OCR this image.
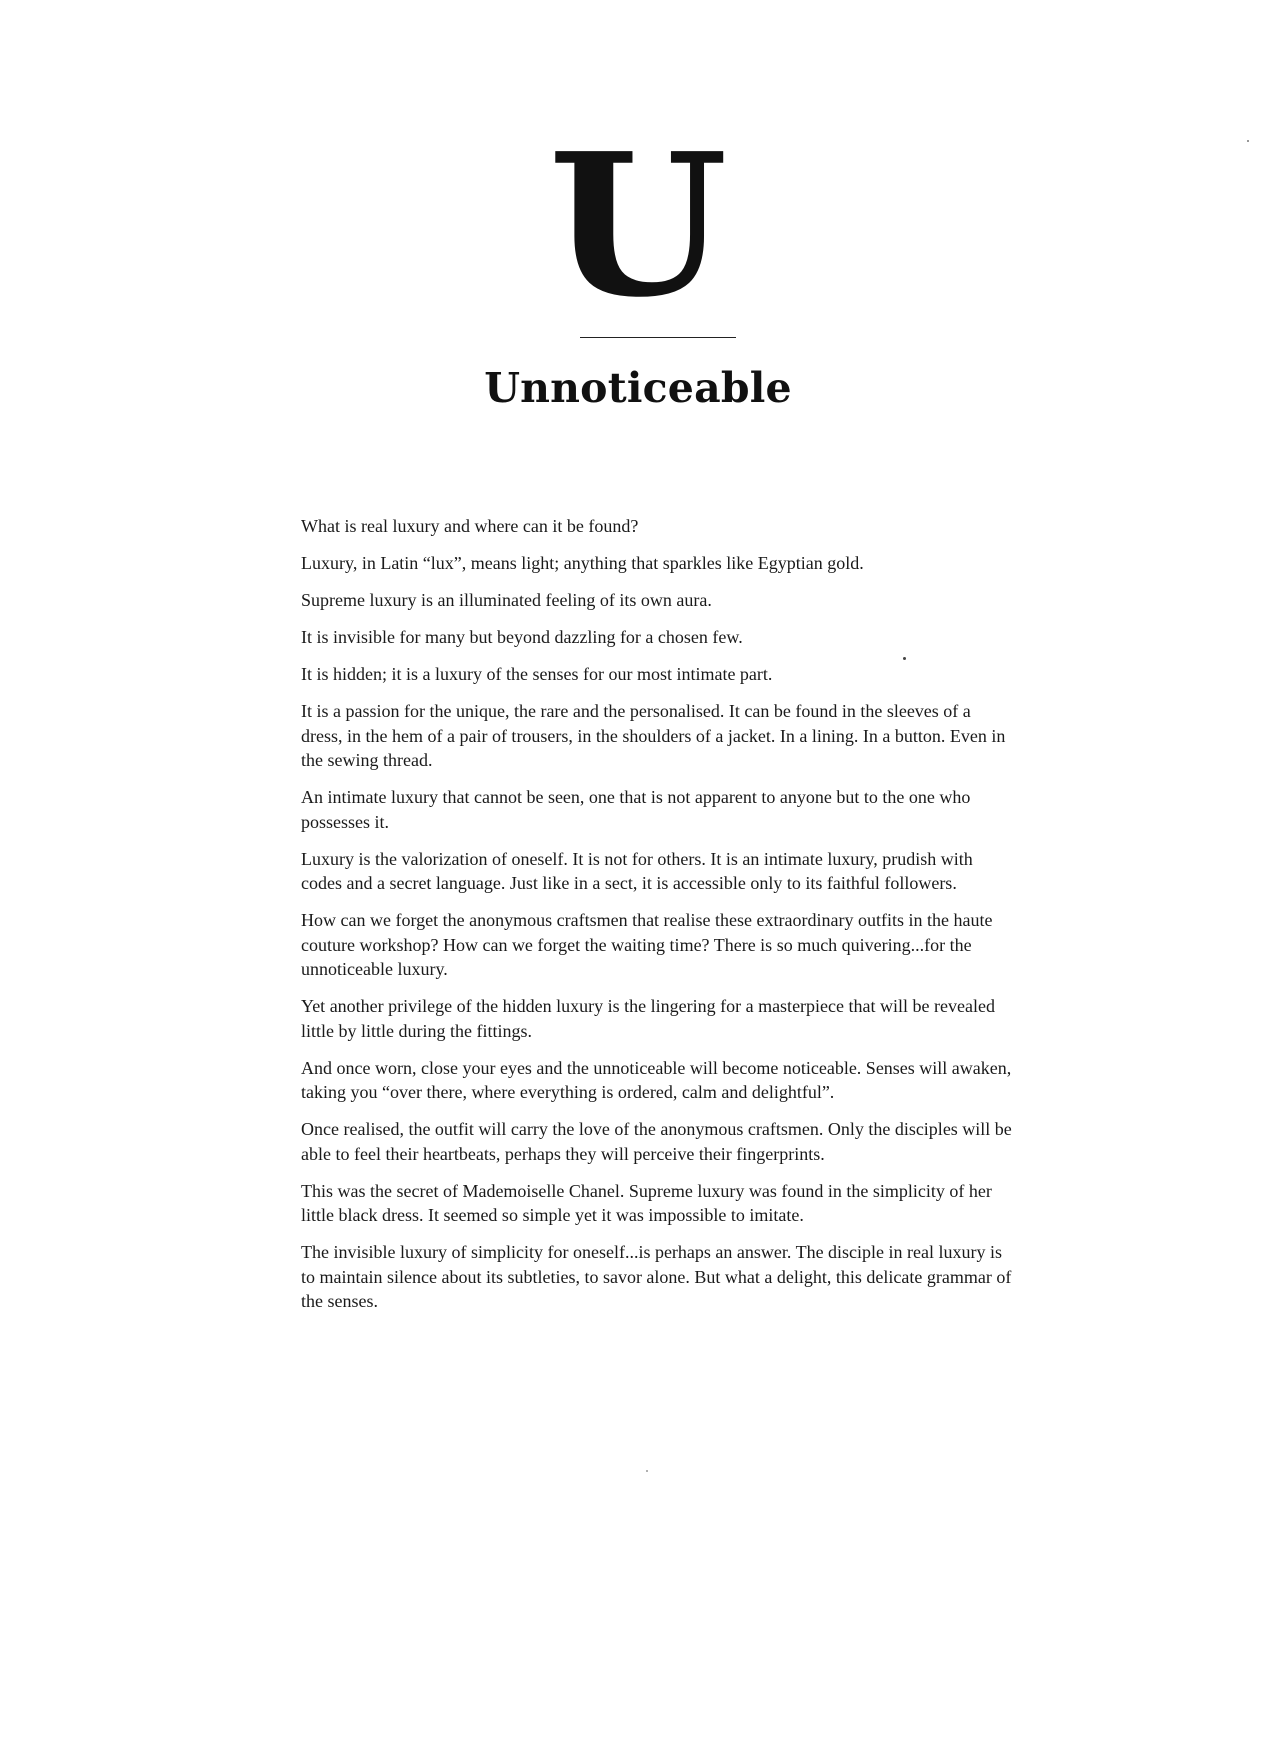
U
Unnoticeable

What is real luxury and where can it be found?

Luxury, in Latin “lux”, means light; anything that sparkles like Egyptian gold.

Supreme luxury is an illuminated feeling of its own aura.

It is invisible for many but beyond dazzling for a chosen few.

It is hidden; it is a luxury of the senses for our most intimate part.

It is a passion for the unique, the rare and the personalised. It can be found in the sleeves of a dress, in the hem of a pair of trousers, in the shoulders of a jacket. In a lining. In a button. Even in the sewing thread.

An intimate luxury that cannot be seen, one that is not apparent to anyone but to the one who possesses it.

Luxury is the valorization of oneself. It is not for others. It is an intimate luxury, prudish with codes and a secret language. Just like in a sect, it is accessible only to its faithful followers.

How can we forget the anonymous craftsmen that realise these extraordinary outfits in the haute couture workshop? How can we forget the waiting time? There is so much quivering...for the unnoticeable luxury.

Yet another privilege of the hidden luxury is the lingering for a masterpiece that will be revealed little by little during the fittings.

And once worn, close your eyes and the unnoticeable will become noticeable. Senses will awaken, taking you “over there, where everything is ordered, calm and delightful”.

Once realised, the outfit will carry the love of the anonymous craftsmen. Only the disciples will be able to feel their heartbeats, perhaps they will perceive their fingerprints.

This was the secret of Mademoiselle Chanel. Supreme luxury was found in the simplicity of her little black dress. It seemed so simple yet it was impossible to imitate.

The invisible luxury of simplicity for oneself...is perhaps an answer. The disciple in real luxury is to maintain silence about its subtleties, to savor alone. But what a delight, this delicate grammar of the senses.
